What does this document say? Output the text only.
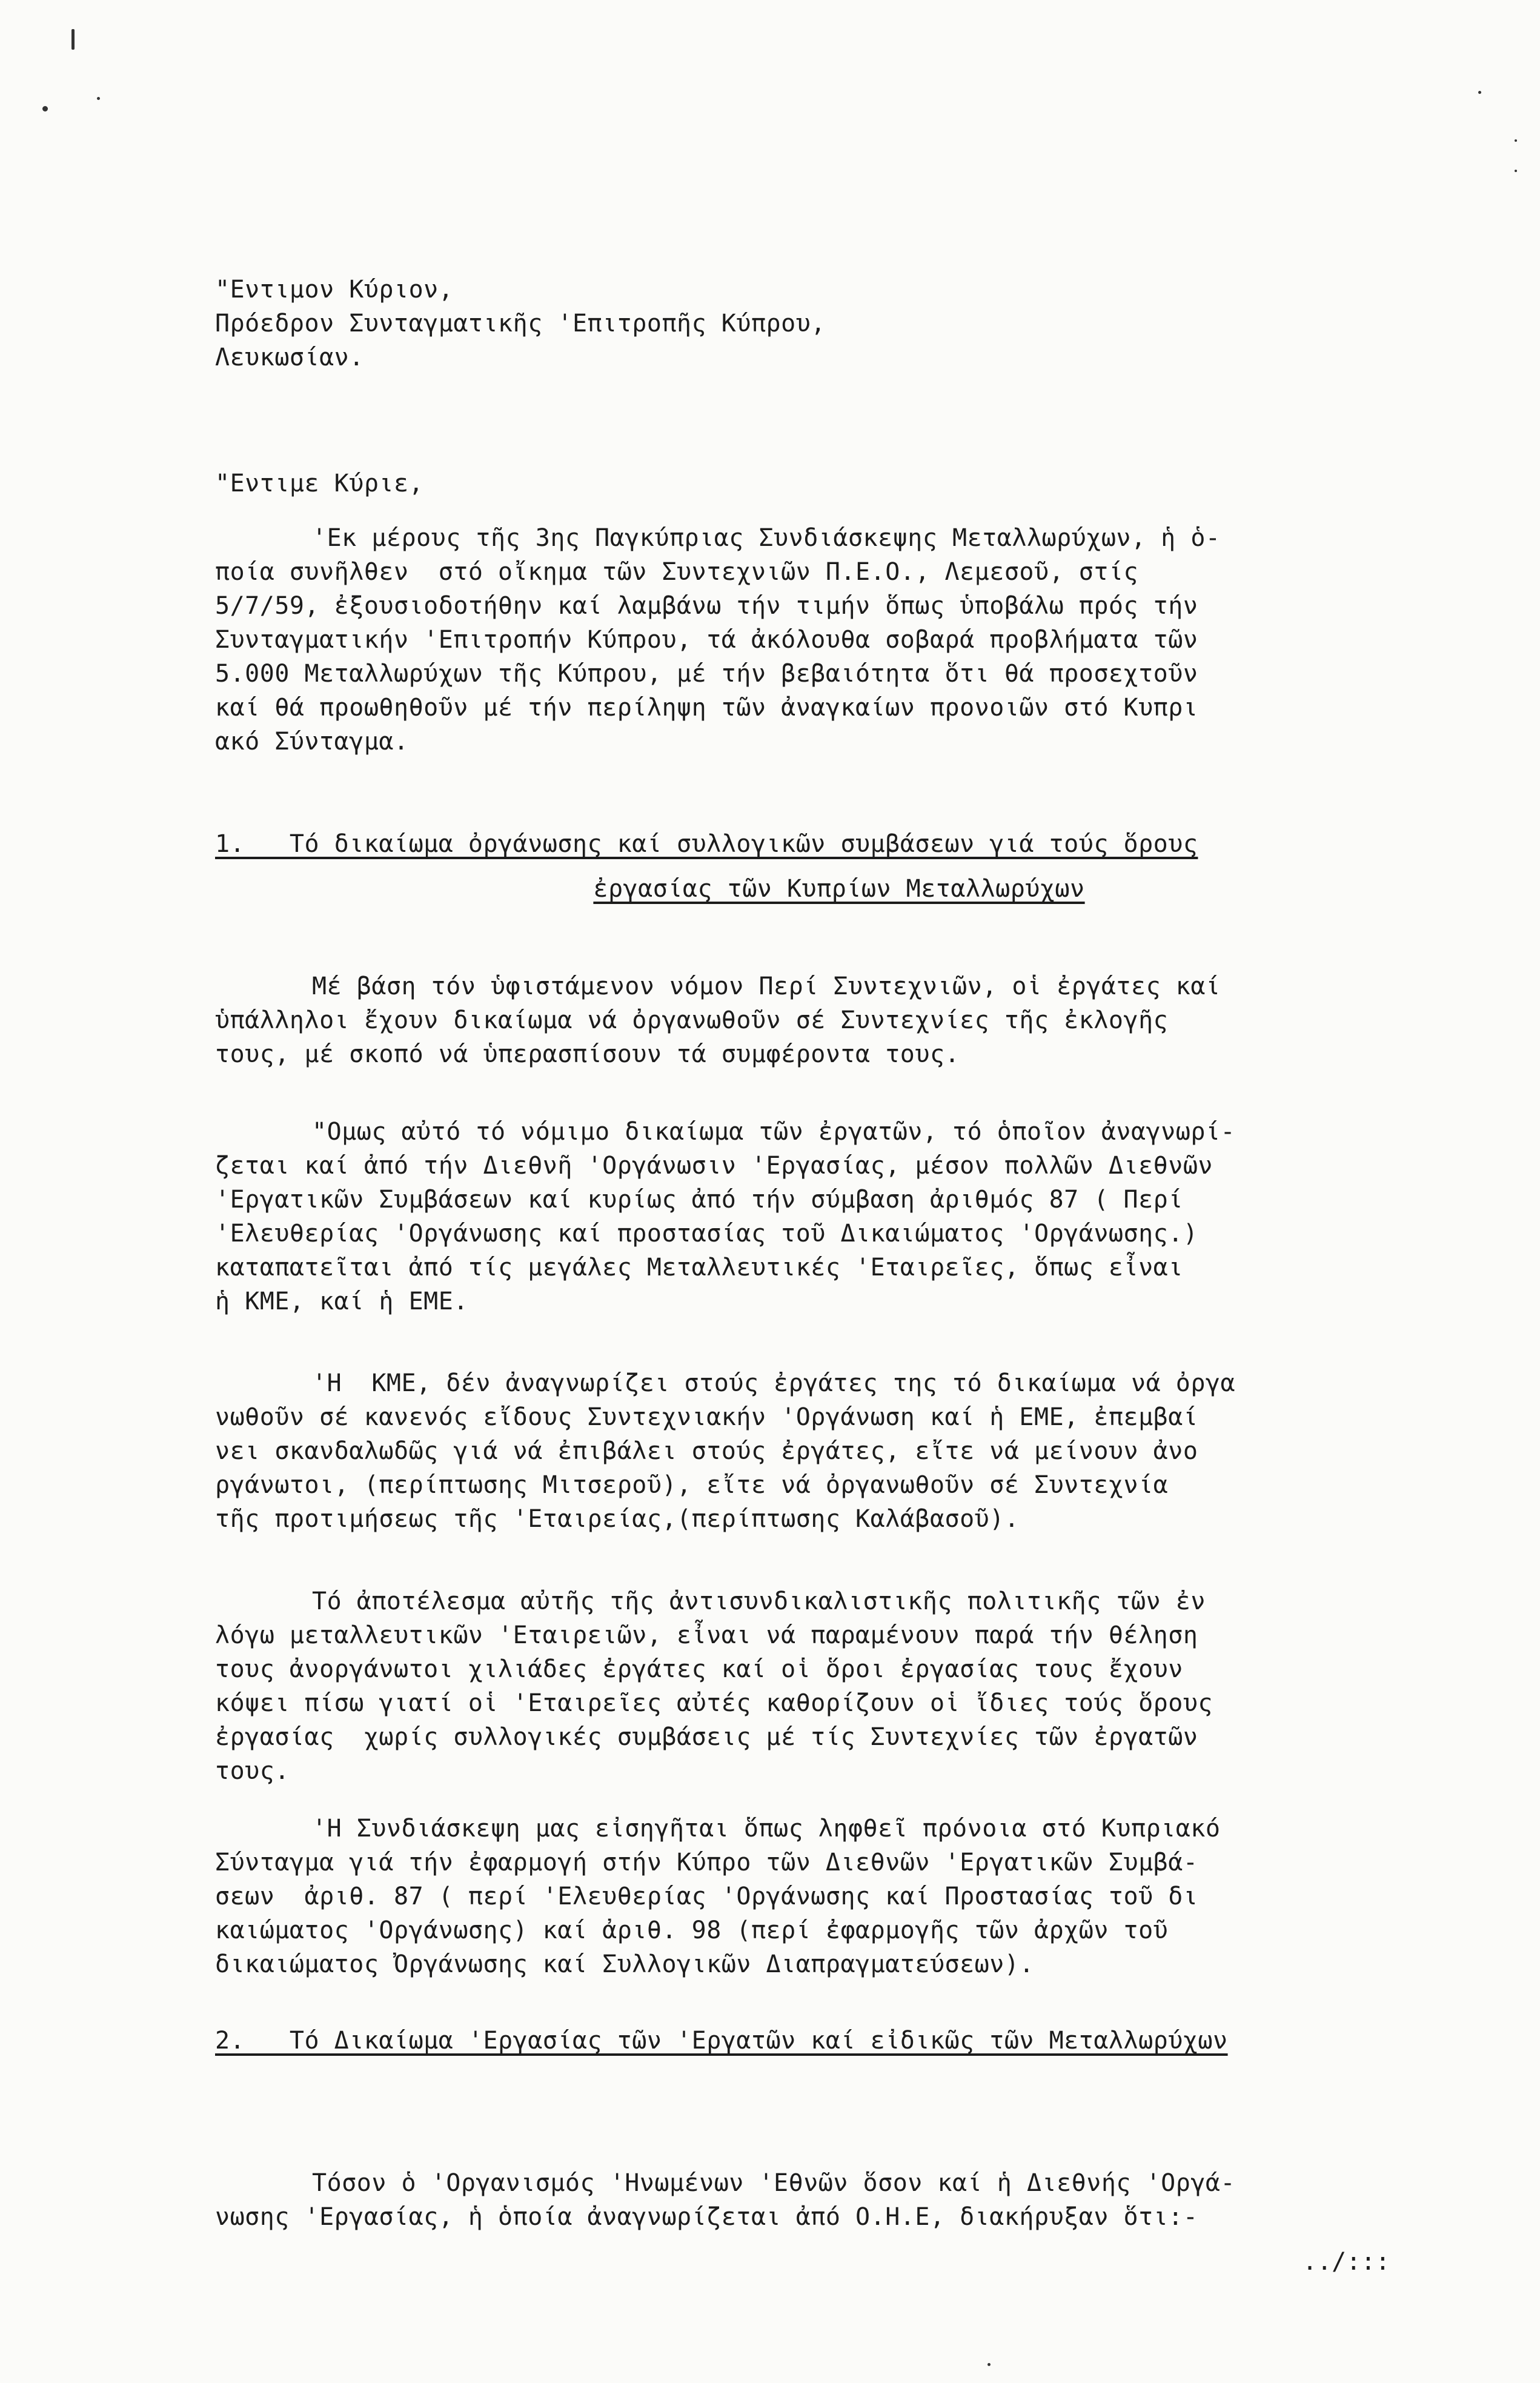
"Εντιμον Κύριον,

Πρόεδρον Συνταγματικῆς 'Επιτροπῆς Κύπρου,

Λευκωσίαν.

"Εντιμε Κύριε,

'Εκ μέρους τῆς 3ης Παγκύπριας Συνδιάσκεψης Μεταλλωρύχων, ἡ ὁ-

ποία συνῆλθεν  στό οἴκημα τῶν Συντεχνιῶν Π.Ε.Ο., Λεμεσοῦ, στίς

5/7/59, ἐξουσιοδοτήθην καί λαμβάνω τήν τιμήν ὅπως ὑποβάλω πρός τήν

Συνταγματικήν 'Επιτροπήν Κύπρου, τά ἀκόλουθα σοβαρά προβλήματα τῶν

5.000 Μεταλλωρύχων τῆς Κύπρου, μέ τήν βεβαιότητα ὅτι θά προσεχτοῦν

καί θά προωθηθοῦν μέ τήν περίληψη τῶν ἀναγκαίων προνοιῶν στό Κυπρι

ακό Σύνταγμα.

1.   Τό δικαίωμα ὀργάνωσης καί συλλογικῶν συμβάσεων γιά τούς ὅρους

ἐργασίας τῶν Κυπρίων Μεταλλωρύχων

Μέ βάση τόν ὑφιστάμενον νόμον Περί Συντεχνιῶν, οἱ ἐργάτες καί

ὑπάλληλοι ἔχουν δικαίωμα νά ὀργανωθοῦν σέ Συντεχνίες τῆς ἐκλογῆς

τους, μέ σκοπό νά ὑπερασπίσουν τά συμφέροντα τους.

"Ομως αὐτό τό νόμιμο δικαίωμα τῶν ἐργατῶν, τό ὁποῖον ἀναγνωρί-

ζεται καί ἀπό τήν Διεθνῆ 'Οργάνωσιν 'Εργασίας, μέσον πολλῶν Διεθνῶν

'Εργατικῶν Συμβάσεων καί κυρίως ἀπό τήν σύμβαση ἀριθμός 87 ( Περί

'Ελευθερίας 'Οργάνωσης καί προστασίας τοῦ Δικαιώματος 'Οργάνωσης.)

καταπατεῖται ἀπό τίς μεγάλες Μεταλλευτικές 'Εταιρεῖες, ὅπως εἶναι

ἡ ΚΜΕ, καί ἡ ΕΜΕ.

'Η  ΚΜΕ, δέν ἀναγνωρίζει στούς ἐργάτες της τό δικαίωμα νά ὀργα

νωθοῦν σέ κανενός εἴδους Συντεχνιακήν 'Οργάνωση καί ἡ ΕΜΕ, ἐπεμβαί

νει σκανδαλωδῶς γιά νά ἐπιβάλει στούς ἐργάτες, εἴτε νά μείνουν ἀνο

ργάνωτοι, (περίπτωσης Μιτσεροῦ), εἴτε νά ὀργανωθοῦν σέ Συντεχνία

τῆς προτιμήσεως τῆς 'Εταιρείας,(περίπτωσης Καλάβασοῦ).

Τό ἀποτέλεσμα αὐτῆς τῆς ἀντισυνδικαλιστικῆς πολιτικῆς τῶν ἐν

λόγω μεταλλευτικῶν 'Εταιρειῶν, εἶναι νά παραμένουν παρά τήν θέληση

τους ἀνοργάνωτοι χιλιάδες ἐργάτες καί οἱ ὅροι ἐργασίας τους ἔχουν

κόψει πίσω γιατί οἱ 'Εταιρεῖες αὐτές καθορίζουν οἱ ἴδιες τούς ὅρους

ἐργασίας  χωρίς συλλογικές συμβάσεις μέ τίς Συντεχνίες τῶν ἐργατῶν

τους.

'Η Συνδιάσκεψη μας εἰσηγῆται ὅπως ληφθεῖ πρόνοια στό Κυπριακό

Σύνταγμα γιά τήν ἐφαρμογή στήν Κύπρο τῶν Διεθνῶν 'Εργατικῶν Συμβά-

σεων  ἀριθ. 87 ( περί 'Ελευθερίας 'Οργάνωσης καί Προστασίας τοῦ δι

καιώματος 'Οργάνωσης) καί ἀριθ. 98 (περί ἐφαρμογῆς τῶν ἀρχῶν τοῦ

δικαιώματος Ὀργάνωσης καί Συλλογικῶν Διαπραγματεύσεων).

2.   Τό Δικαίωμα 'Εργασίας τῶν 'Εργατῶν καί εἰδικῶς τῶν Μεταλλωρύχων

Τόσον ὁ 'Οργανισμός 'Ηνωμένων 'Εθνῶν ὅσον καί ἡ Διεθνής 'Οργά-

νωσης 'Εργασίας, ἡ ὁποία ἀναγνωρίζεται ἀπό Ο.Η.Ε, διακήρυξαν ὅτι:-

../:::
